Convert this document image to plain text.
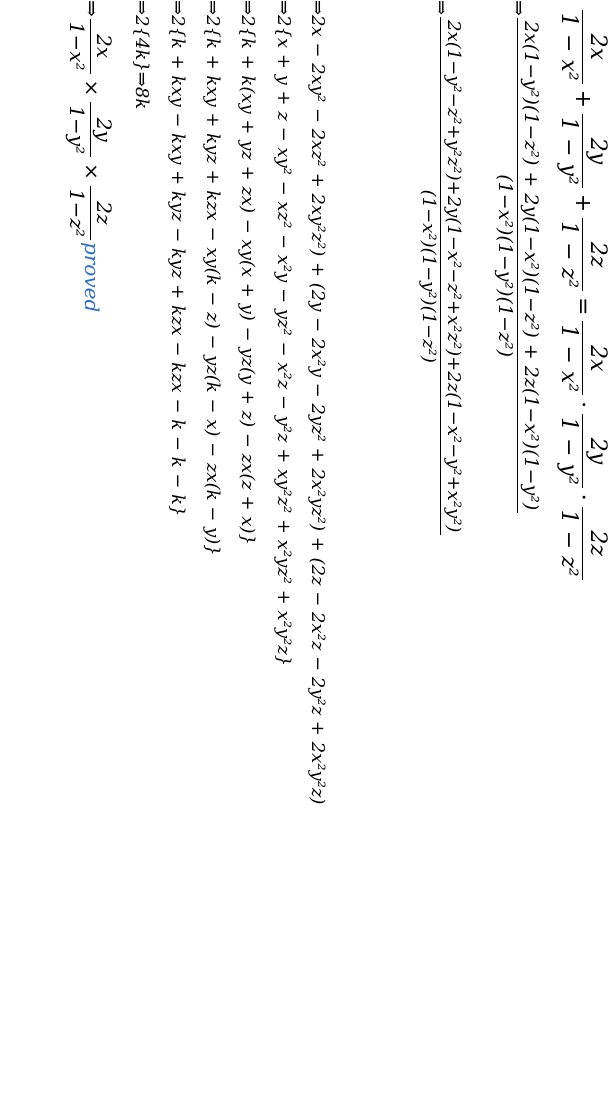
2x
1 − x²
+
2y
1 − y²
+
2z
1 − z²
=
2x
1 − x²
·
2y
1 − y²
·
2z
1 − z²
⇒
2x(1−y²)(1−z²) + 2y(1−x²)(1−z²) + 2z(1−x²)(1−y²)
(1−x²)(1−y²)(1−z²)
⇒
2x(1−y²−z²+y²z²)+2y(1−x²−z²+x²z²)+2z(1−x²−y²+x²y²)
(1−x²)(1−y²)(1−z²)
⇒2x − 2xy² − 2xz² + 2xy²z²) + (2y − 2x²y − 2yz² + 2x²yz²) + (2z − 2x²z − 2y²z + 2x²y²z)
⇒2{x + y + z − xy² − xz² − x²y − yz² − x²z − y²z + xy²z² + x²yz² + x²y²z}
⇒2{k + k(xy + yz + zx) − xy(x + y) − yz(y + z) − zx(z + x)}
⇒2{k + kxy + kyz + kzx − xy(k − z) − yz(k − x) − zx(k − y)}
⇒2{k + kxy − kxy + kyz − kyz + kzx − kzx − k − k − k}
⇒2{4k}⇒8k
⇒
2x
1−x²
×
2y
1−y²
×
2z
1−z²
proved
